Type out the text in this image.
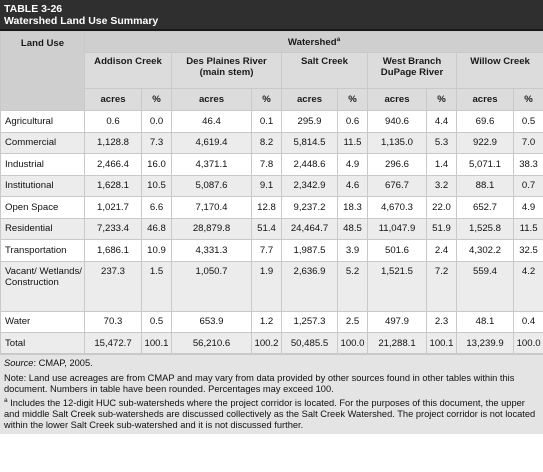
TABLE 3-26
Watershed Land Use Summary
Land Use	Watershed$^a$
	Addison Creek		Des Plaines River (main stem)		Salt Creek		West Branch DuPage River		Willow Creek	
	acres	%	acres	%	acres	%	acres	%	acres	%
Agricultural	0.6	0.0	46.4	0.1	295.9	0.6	940.6	4.4	69.6	0.5
Commercial	1,128.8	7.3	4,619.4	8.2	5,814.5	11.5	1,135.0	5.3	922.9	7.0
Industrial	2,466.4	16.0	4,371.1	7.8	2,448.6	4.9	296.6	1.4	5,071.1	38.3
Institutional	1,628.1	10.5	5,087.6	9.1	2,342.9	4.6	676.7	3.2	88.1	0.7
Open Space	1,021.7	6.6	7,170.4	12.8	9,237.2	18.3	4,670.3	22.0	652.7	4.9
Residential	7,233.4	46.8	28,879.8	51.4	24,464.7	48.5	11,047.9	51.9	1,525.8	11.5
Transportation	1,686.1	10.9	4,331.3	7.7	1,987.5	3.9	501.6	2.4	4,302.2	32.5
Vacant/ Wetlands/ Construction	237.3	1.5	1,050.7	1.9	2,636.9	5.2	1,521.5	7.2	559.4	4.2
Water	70.3	0.5	653.9	1.2	1,257.3	2.5	497.9	2.3	48.1	0.4
Total	15,472.7	100.1	56,210.6	100.2	50,485.5	100.0	21,288.1	100.1	13,239.9	100.0

Source: CMAP, 2005.

Note: Land use acreages are from CMAP and may vary from data provided by other sources found in other tables within this document. Numbers in table have been rounded. Percentages may exceed 100.

$^a$ Includes the 12-digit HUC sub-watersheds where the project corridor is located. For the purposes of this document, the upper and middle Salt Creek sub-watersheds are discussed collectively as the Salt Creek Watershed. The project corridor is not located within the lower Salt Creek sub-watershed and it is not discussed further.
